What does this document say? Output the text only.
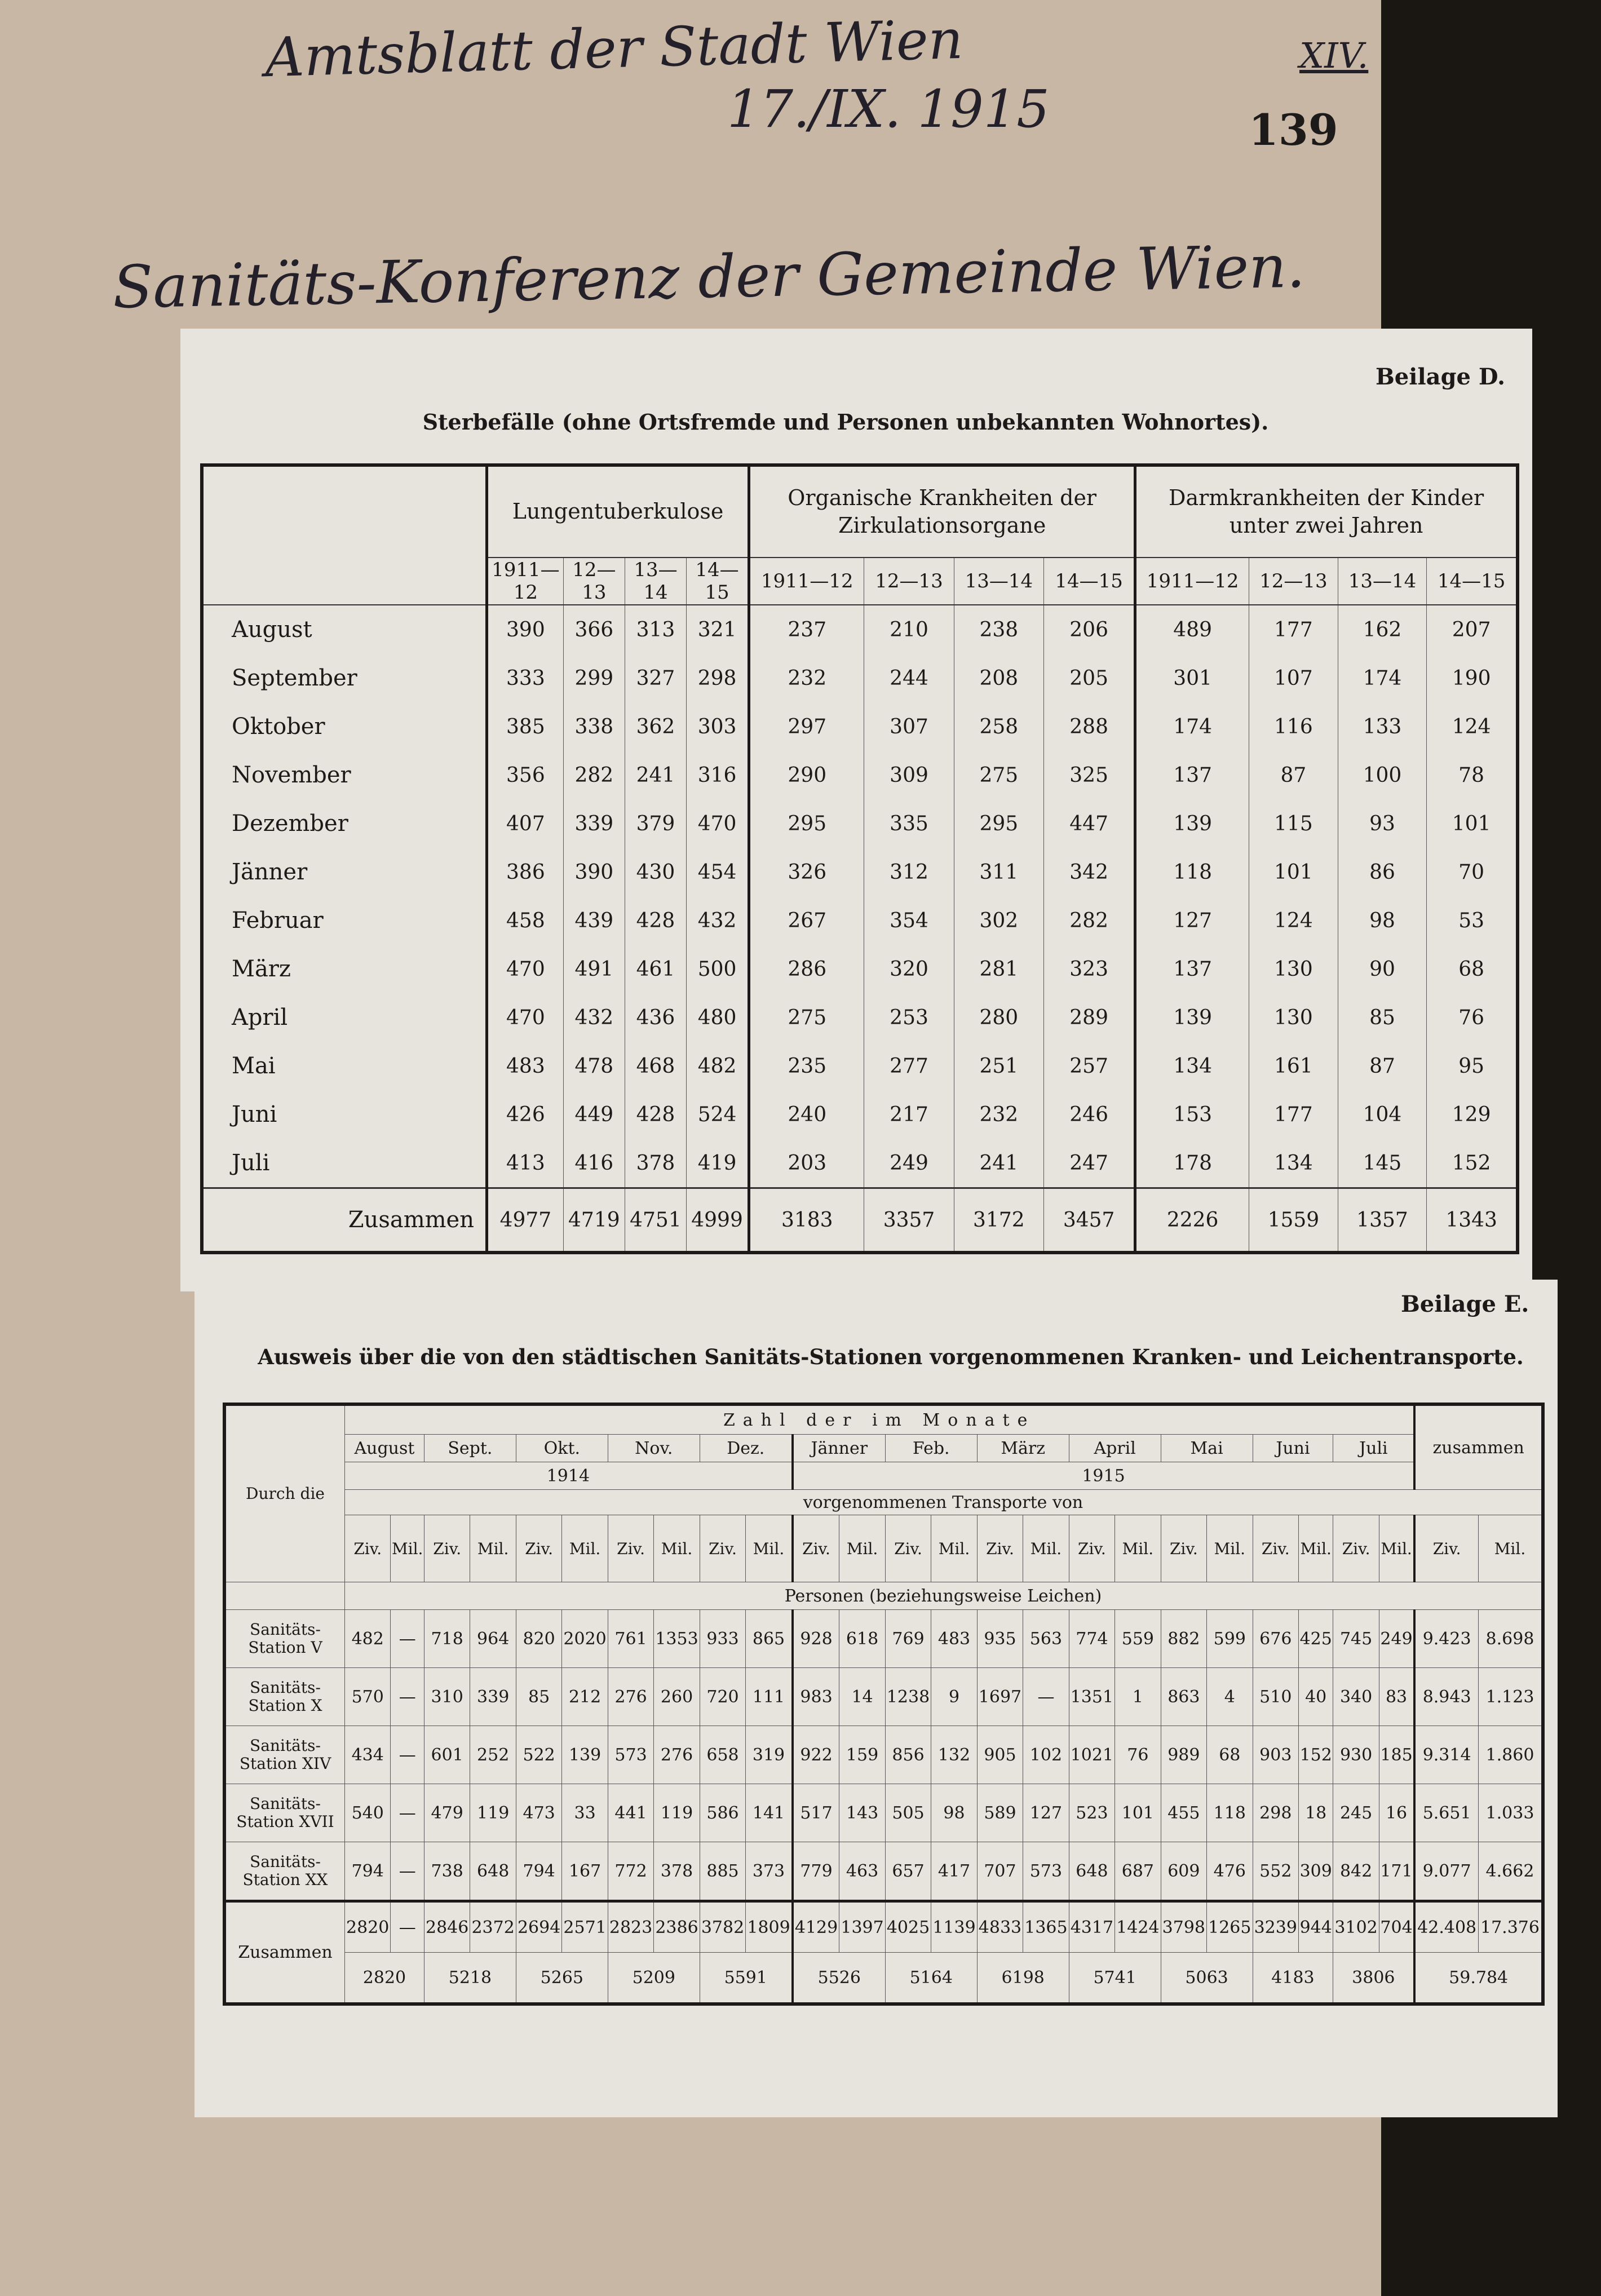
Amtsblatt der Stadt Wien	XIV.
17./IX. 1915	139
Sanitäts-Konferenz der Gemeinde Wien.
Beilage D.
Sterbefälle (ohne Ortsfremde und Personen unbekannten Wohnortes).
	Lungentuberkulose				Organische Krankheiten der Zirkulationsorgane				Darmkrankheiten der Kinder unter zwei Jahren			
	1911—12	12—13	13—14	14—15	1911—12	12—13	13—14	14—15	1911—12	12—13	13—14	14—15
August	390	366	313	321	237	210	238	206	489	177	162	207
September	333	299	327	298	232	244	208	205	301	107	174	190
Oktober	385	338	362	303	297	307	258	288	174	116	133	124
November	356	282	241	316	290	309	275	325	137	87	100	78
Dezember	407	339	379	470	295	335	295	447	139	115	93	101
Jänner	386	390	430	454	326	312	311	342	118	101	86	70
Februar	458	439	428	432	267	354	302	282	127	124	98	53
März	470	491	461	500	286	320	281	323	137	130	90	68
April	470	432	436	480	275	253	280	289	139	130	85	76
Mai	483	478	468	482	235	277	251	257	134	161	87	95
Juni	426	449	428	524	240	217	232	246	153	177	104	129
Juli	413	416	378	419	203	249	241	247	178	134	145	152
Zusammen	4977	4719	4751	4999	3183	3357	3172	3457	2226	1559	1357	1343
Beilage E.
Ausweis über die von den städtischen Sanitäts-Stationen vorgenommenen Kranken- und Leichentransporte.
Durch die	Zahl der im Monate																								zusammen	
	August		Sept.		Okt.		Nov.		Dez.		Jänner		Feb.		März		April		Mai		Juni		Juli			
	1914										1915															
	vorgenommenen Transporte von																									
	Ziv.	Mil.	Ziv.	Mil.	Ziv.	Mil.	Ziv.	Mil.	Ziv.	Mil.	Ziv.	Mil.	Ziv.	Mil.	Ziv.	Mil.	Ziv.	Mil.	Ziv.	Mil.	Ziv.	Mil.	Ziv.	Mil.	Ziv.	Mil.
	Personen (beziehungsweise Leichen)																									
Sanitäts-Station V	482	—	718	964	820	2020	761	1353	933	865	928	618	769	483	935	563	774	559	882	599	676	425	745	249	9.423	8.698
Sanitäts-Station X	570	—	310	339	85	212	276	260	720	111	983	14	1238	9	1697	—	1351	1	863	4	510	40	340	83	8.943	1.123
Sanitäts-Station XIV	434	—	601	252	522	139	573	276	658	319	922	159	856	132	905	102	1021	76	989	68	903	152	930	185	9.314	1.860
Sanitäts-Station XVII	540	—	479	119	473	33	441	119	586	141	517	143	505	98	589	127	523	101	455	118	298	18	245	16	5.651	1.033
Sanitäts-Station XX	794	—	738	648	794	167	772	378	885	373	779	463	657	417	707	573	648	687	609	476	552	309	842	171	9.077	4.662
Zusammen	2820	—	2846	2372	2694	2571	2823	2386	3782	1809	4129	1397	4025	1139	4833	1365	4317	1424	3798	1265	3239	944	3102	704	42.408	17.376
	2820		5218		5265		5209		5591		5526		5164		6198		5741		5063		4183		3806		59.784	
